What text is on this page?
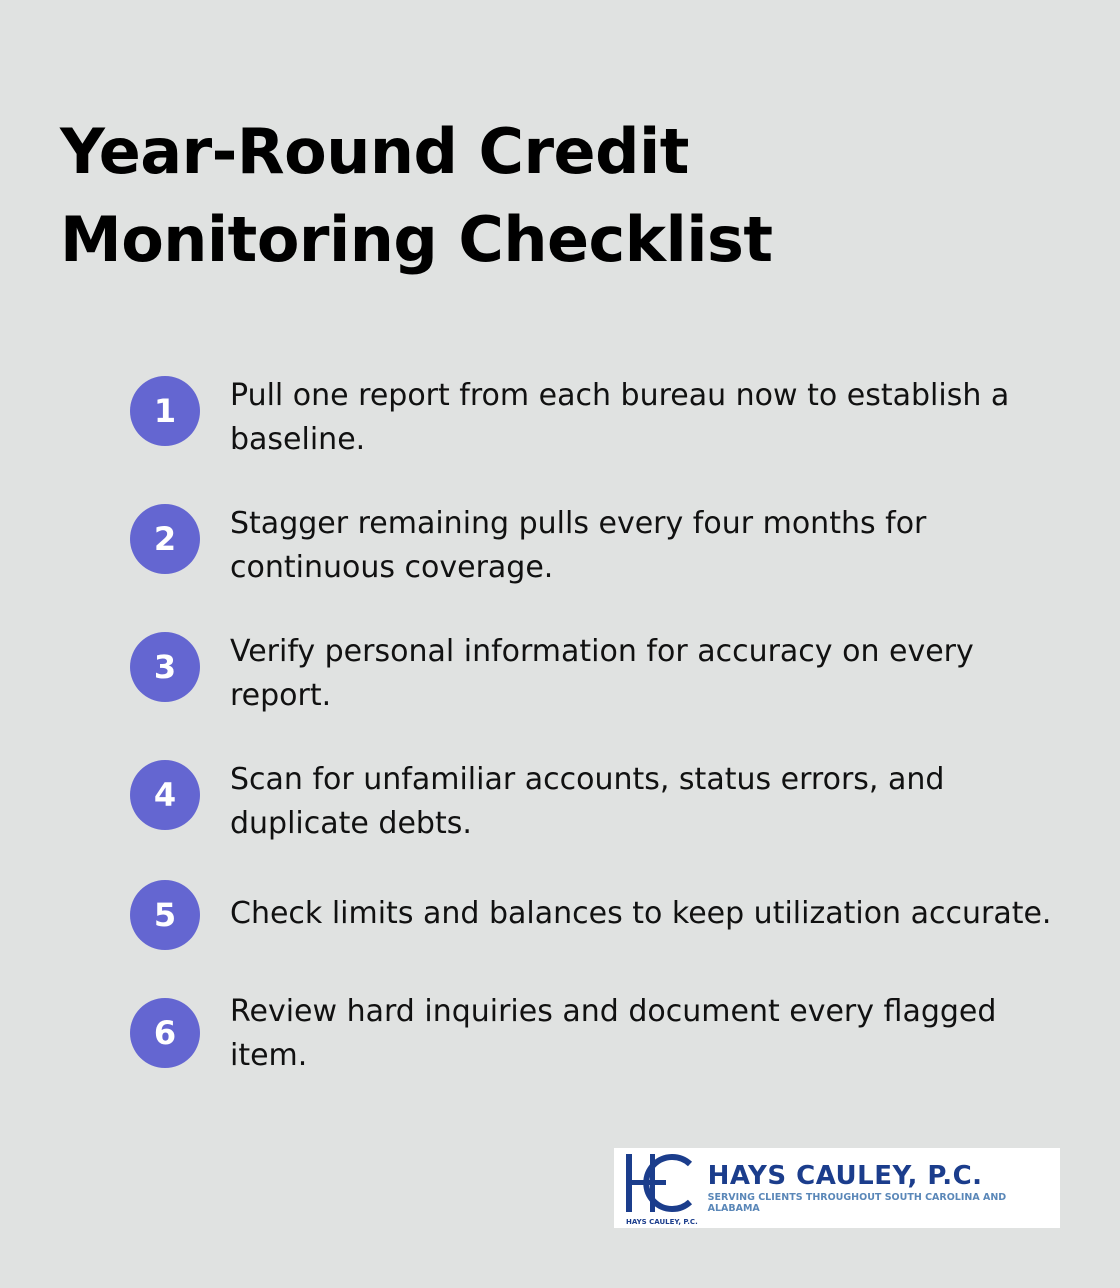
Year-Round Credit Monitoring Checklist
1	Pull one report from each bureau now to establish a baseline.
2	Stagger remaining pulls every four months for continuous coverage.
3	Verify personal information for accuracy on every report.
4	Scan for unfamiliar accounts, status errors, and duplicate debts.
5	Check limits and balances to keep utilization accurate.
6
Review hard inquiries and document every flagged item.
HAYS CAULEY, P.C.
HAYS CAULEY, P.C.
SERVING CLIENTS THROUGHOUT SOUTH CAROLINA AND ALABAMA
